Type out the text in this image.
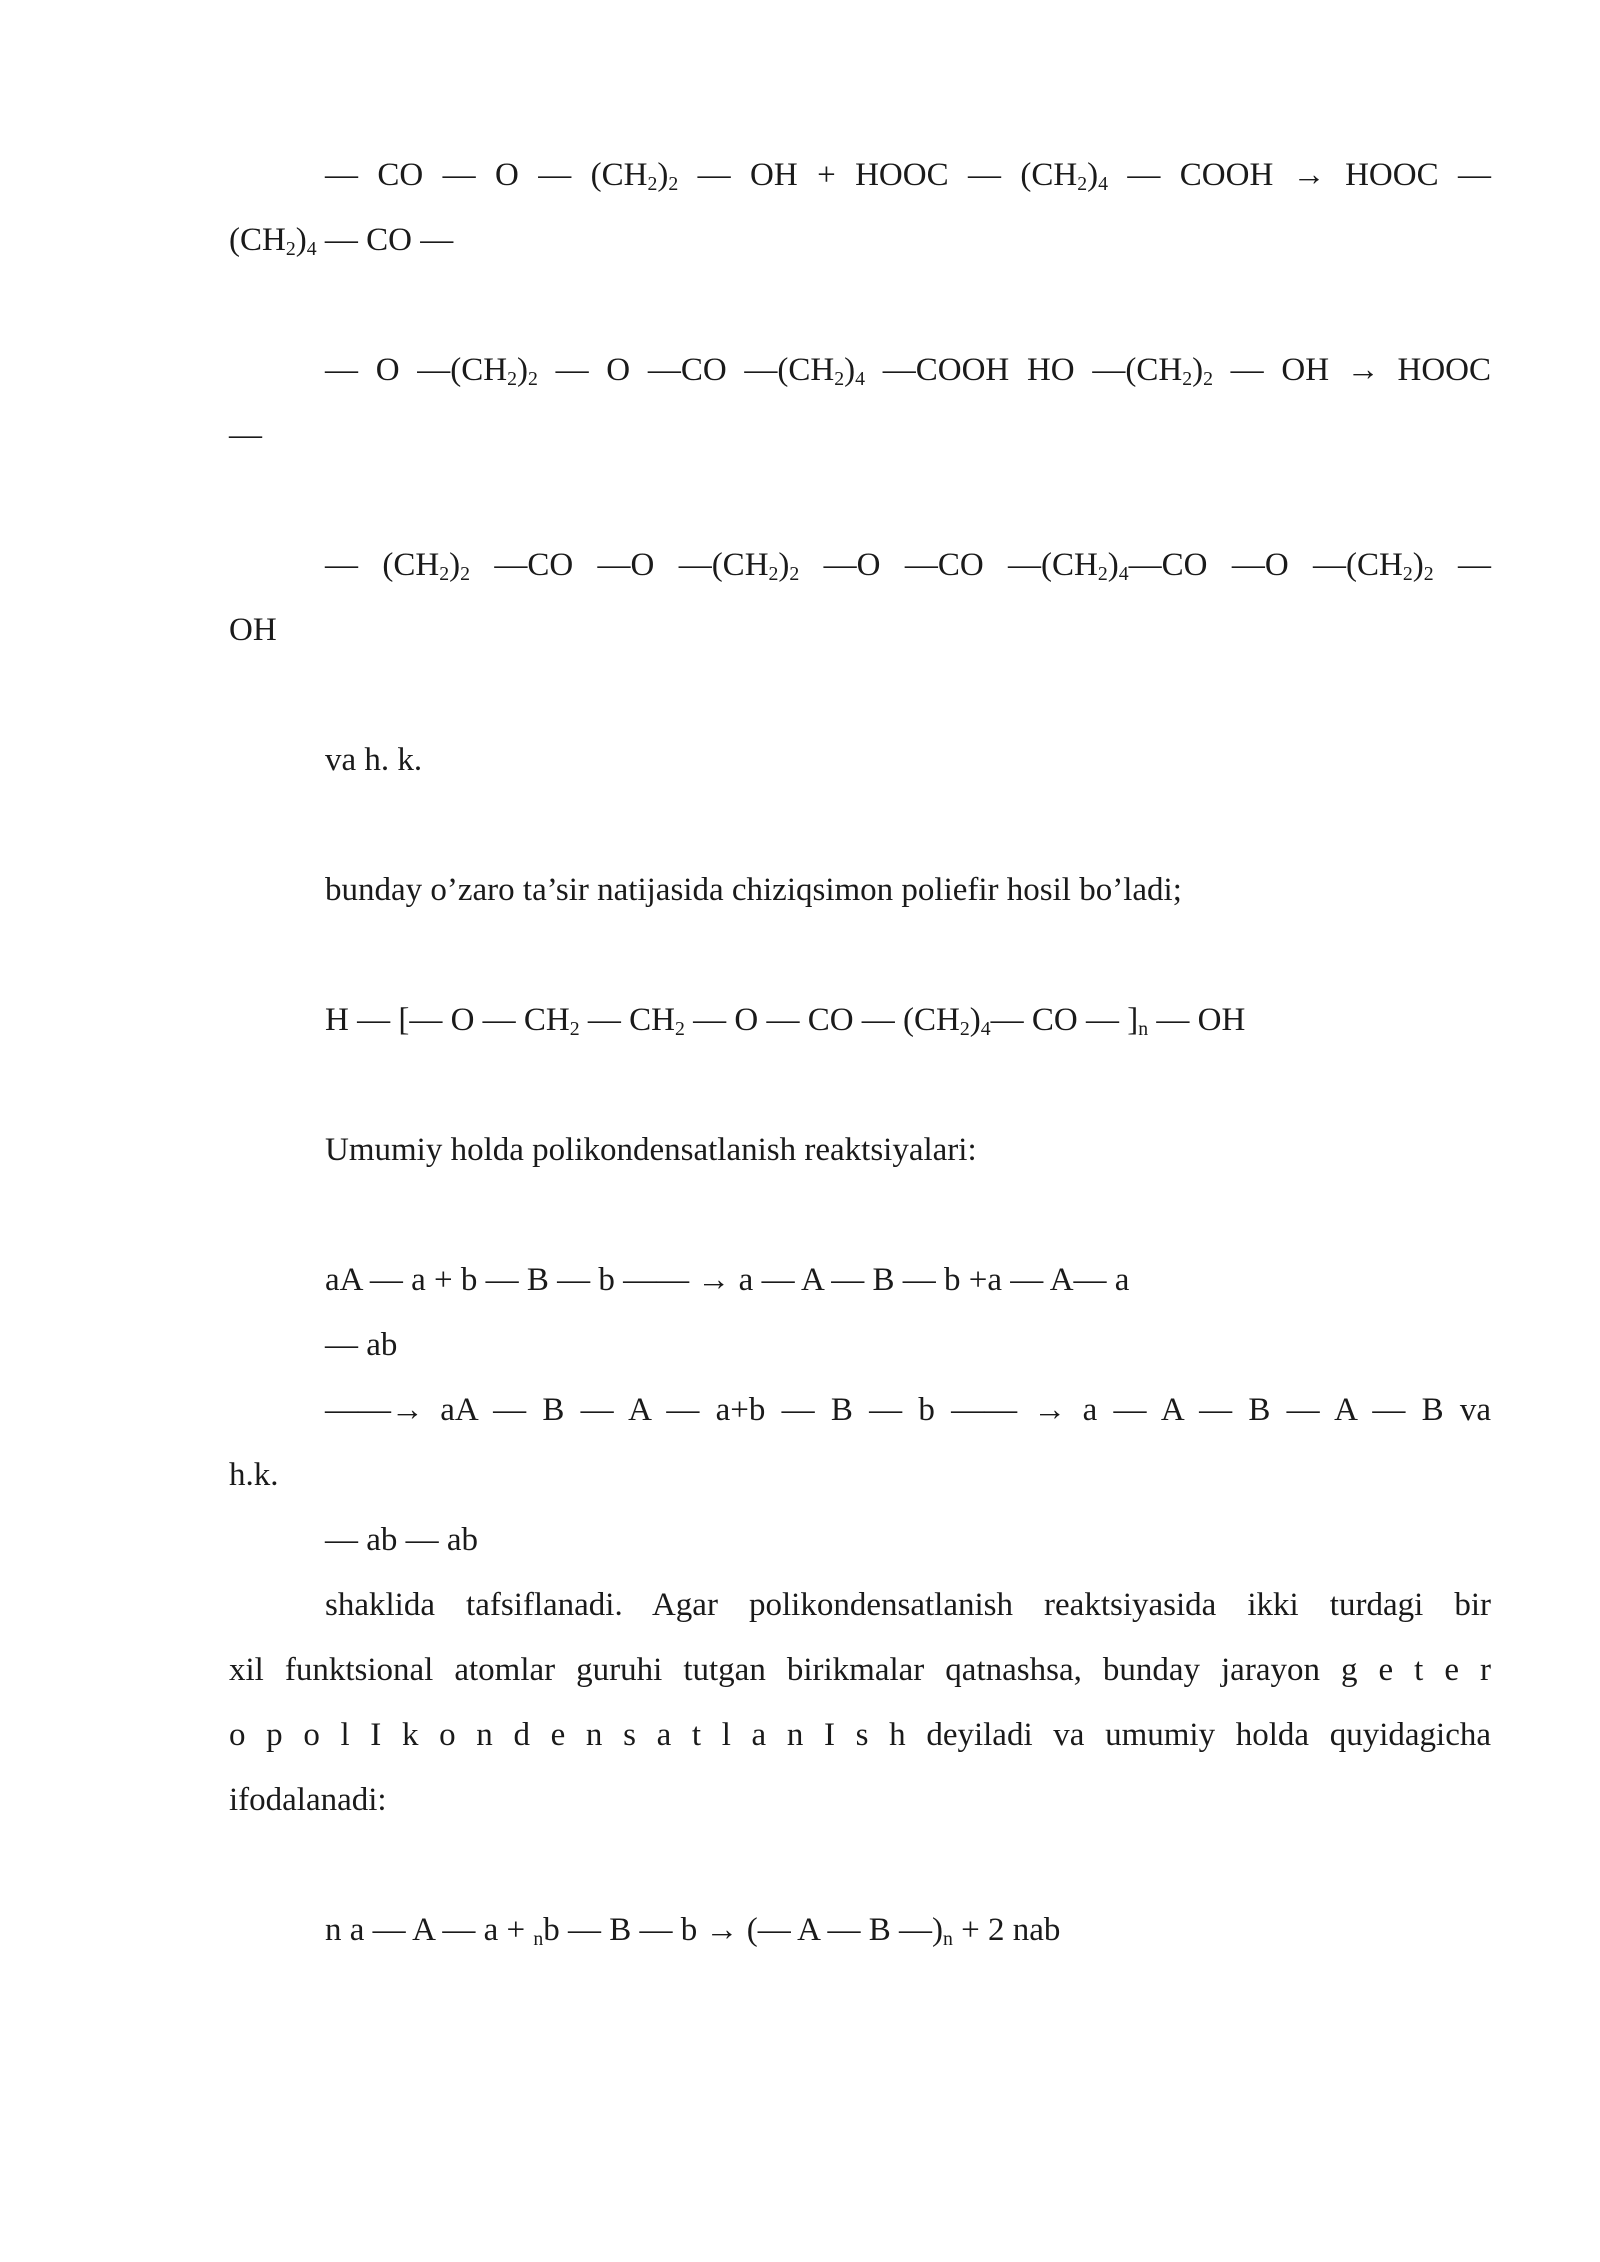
— CO — O — $(CH_2)_2$ — OH + HOOC — $(CH_2)_4$ — COOH → HOOC —
$(CH_2)_4$ — CO —
— O $—(CH_2)_2$ — O —CO $—(CH_2)_4$ —COOH HO $—(CH_2)_2$ — OH → HOOC
—
— $(CH_2)_2$ —CO —O $—(CH_2)_2$ —O —CO $—(CH_2)_4—CO$ —O $—(CH_2)_2$ —
OH
va h. k.
bunday o’zaro ta’sir natijasida chiziqsimon poliefir hosil bo’ladi;
H — [— O — $CH_2$ — $CH_2$ — O — CO — $(CH_2)_4—$ CO — ]$_n$ — OH
Umumiy holda polikondensatlanish reaktsiyalari:
aA — a + b — B — b —— → a — A — B — b +a — A— a
— ab
——→ aA — B — A — a+b — B — b —— → a — A — B — A — B va
h.k.
— ab — ab
shaklida tafsiflanadi. Agar polikondensatlanish reaktsiyasida ikki turdagi bir
xil funktsional atomlar guruhi tutgan birikmalar qatnashsa, bunday jarayon g e t e r
o p o l I k o n d e n s a t l a n I s h deyiladi va umumiy holda quyidagicha
ifodalanadi:
n a — A — a + $_n$b — B — b → (— A — B $—)_n + 2$ nab
